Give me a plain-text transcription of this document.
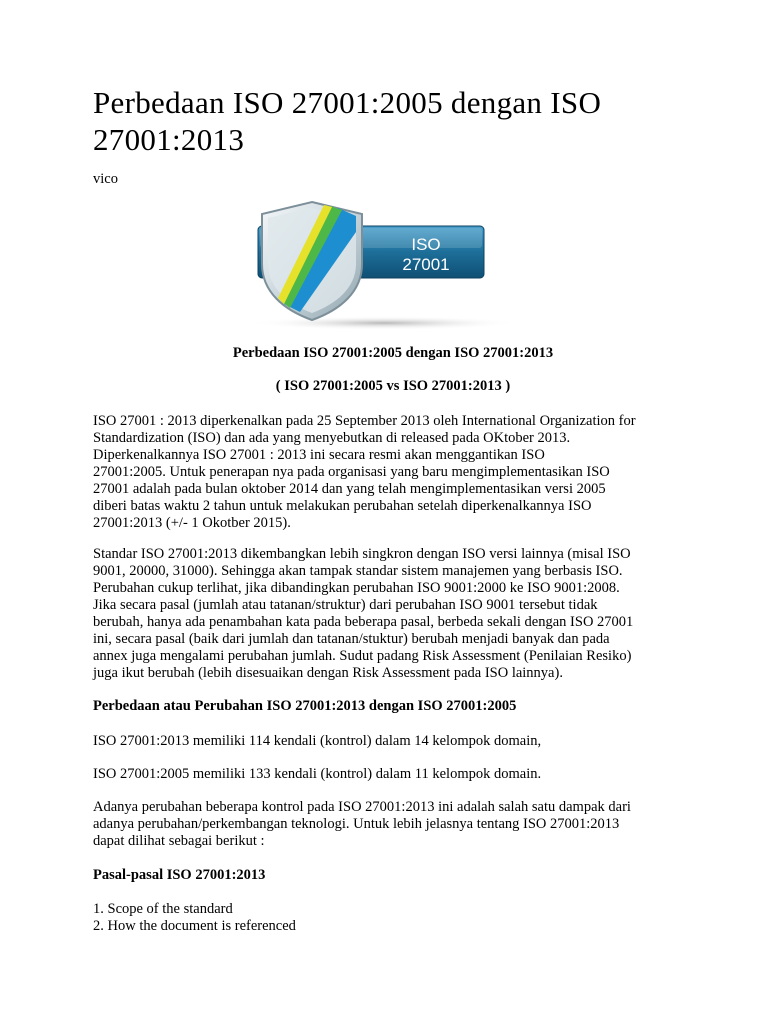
Perbedaan ISO 27001:2005 dengan ISO
27001:2013
vico
ISO
27001
Perbedaan ISO 27001:2005 dengan ISO 27001:2013
( ISO 27001:2005 vs ISO 27001:2013 )
ISO 27001 : 2013 diperkenalkan pada 25 September 2013 oleh International Organization for
Standardization (ISO) dan ada yang menyebutkan di released pada OKtober 2013.
Diperkenalkannya ISO 27001 : 2013 ini secara resmi akan menggantikan ISO
27001:2005. Untuk penerapan nya pada organisasi yang baru mengimplementasikan ISO
27001 adalah pada bulan oktober 2014 dan yang telah mengimplementasikan versi 2005
diberi batas waktu 2 tahun untuk melakukan perubahan setelah diperkenalkannya ISO
27001:2013 (+/- 1 Okotber 2015).
Standar ISO 27001:2013 dikembangkan lebih singkron dengan ISO versi lainnya (misal ISO
9001, 20000, 31000). Sehingga akan tampak standar sistem manajemen yang berbasis ISO.
Perubahan cukup terlihat, jika dibandingkan perubahan ISO 9001:2000 ke ISO 9001:2008.
Jika secara pasal (jumlah atau tatanan/struktur) dari perubahan ISO 9001 tersebut tidak
berubah, hanya ada penambahan kata pada beberapa pasal, berbeda sekali dengan ISO 27001
ini, secara pasal (baik dari jumlah dan tatanan/stuktur) berubah menjadi banyak dan pada
annex juga mengalami perubahan jumlah. Sudut padang Risk Assessment (Penilaian Resiko)
juga ikut berubah (lebih disesuaikan dengan Risk Assessment pada ISO lainnya).
Perbedaan atau Perubahan ISO 27001:2013 dengan ISO 27001:2005
ISO 27001:2013 memiliki 114 kendali (kontrol) dalam 14 kelompok domain,
ISO 27001:2005 memiliki 133 kendali (kontrol) dalam 11 kelompok domain.
Adanya perubahan beberapa kontrol pada ISO 27001:2013 ini adalah salah satu dampak dari
adanya perubahan/perkembangan teknologi. Untuk lebih jelasnya tentang ISO 27001:2013
dapat dilihat sebagai berikut :
Pasal-pasal ISO 27001:2013
1. Scope of the standard
2. How the document is referenced
